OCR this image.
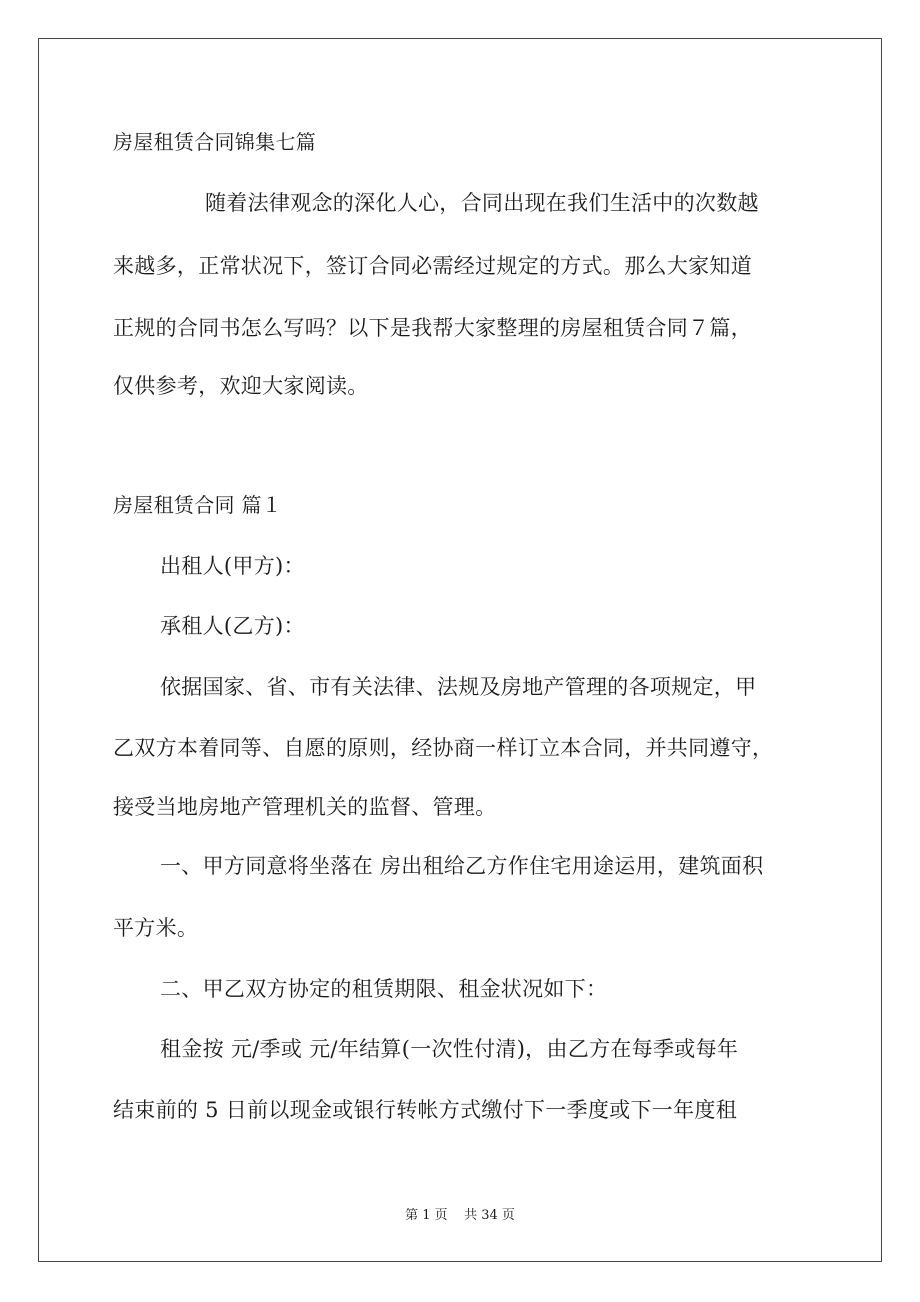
房屋租赁合同锦集七篇
随着法律观念的深化人心，合同出现在我们生活中的次数越
来越多，正常状况下，签订合同必需经过规定的方式。那么大家知道
正规的合同书怎么写吗？以下是我帮大家整理的房屋租赁合同７篇，
仅供参考，欢迎大家阅读。
房屋租赁合同 篇１
出租人(甲方)：
承租人(乙方)：
依据国家、省、市有关法律、法规及房地产管理的各项规定，甲
乙双方本着同等、自愿的原则，经协商一样订立本合同，并共同遵守，
接受当地房地产管理机关的监督、管理。
一、甲方同意将坐落在 房出租给乙方作住宅用途运用，建筑面积
平方米。
二、甲乙双方协定的租赁期限、租金状况如下：
租金按 元/季或 元/年结算(一次性付清)，由乙方在每季或每年
结束前的 5 日前以现金或银行转帐方式缴付下一季度或下一年度租
第 1 页    共 34 页
